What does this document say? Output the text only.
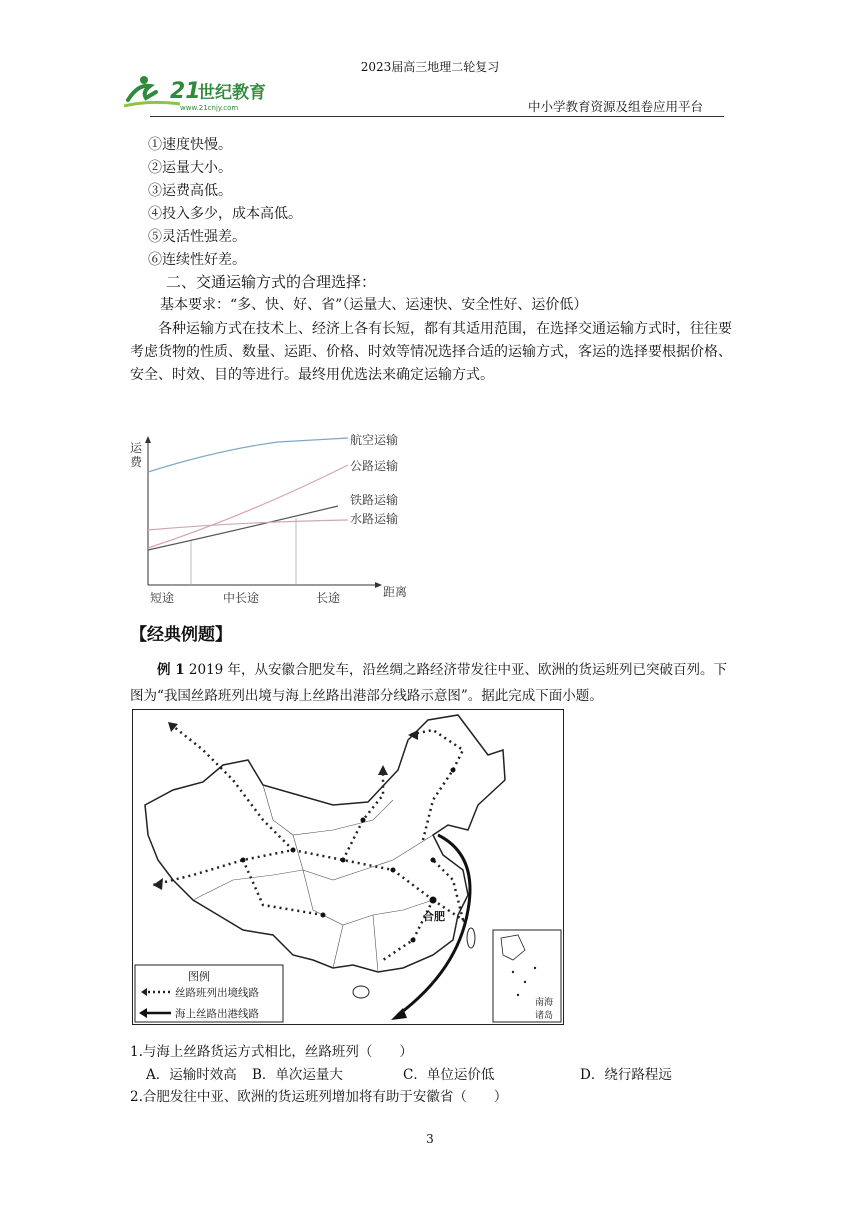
2023届高三地理二轮复习
21
世纪教育
www.21cnjy.com	中小学教育资源及组卷应用平台
①速度快慢。
②运量大小。
③运费高低。
④投入多少，成本高低。
⑤灵活性强差。
⑥连续性好差。
二、交通运输方式的合理选择：
基本要求：“多、快、好、省”（运量大、运速快、安全性好、运价低）
各种运输方式在技术上、经济上各有长短，都有其适用范围，在选择交通运输方式时，往往要考虑货物的性质、数量、运距、价格、时效等情况选择合适的运输方式，客运的选择要根据价格、安全、时效、目的等进行。最终用优选法来确定运输方式。
运
费
航空运输
公路运输
铁路运输
水路运输
短途	中长途	长途	距离
【经典例题】
例 1 2019 年，从安徽合肥发车，沿丝绸之路经济带发往中亚、欧洲的货运班列已突破百列。下图为“我国丝路班列出境与海上丝路出港部分线路示意图”。据此完成下面小题。
合肥
图例
丝路班列出境线路
海上丝路出港线路
南海
诸岛
1.与海上丝路货运方式相比，丝路班列（　　）
A．运输时效高 B．单次运量大	C．单位运价低	D．绕行路程远
2.合肥发往中亚、欧洲的货运班列增加将有助于安徽省（　　）
3
